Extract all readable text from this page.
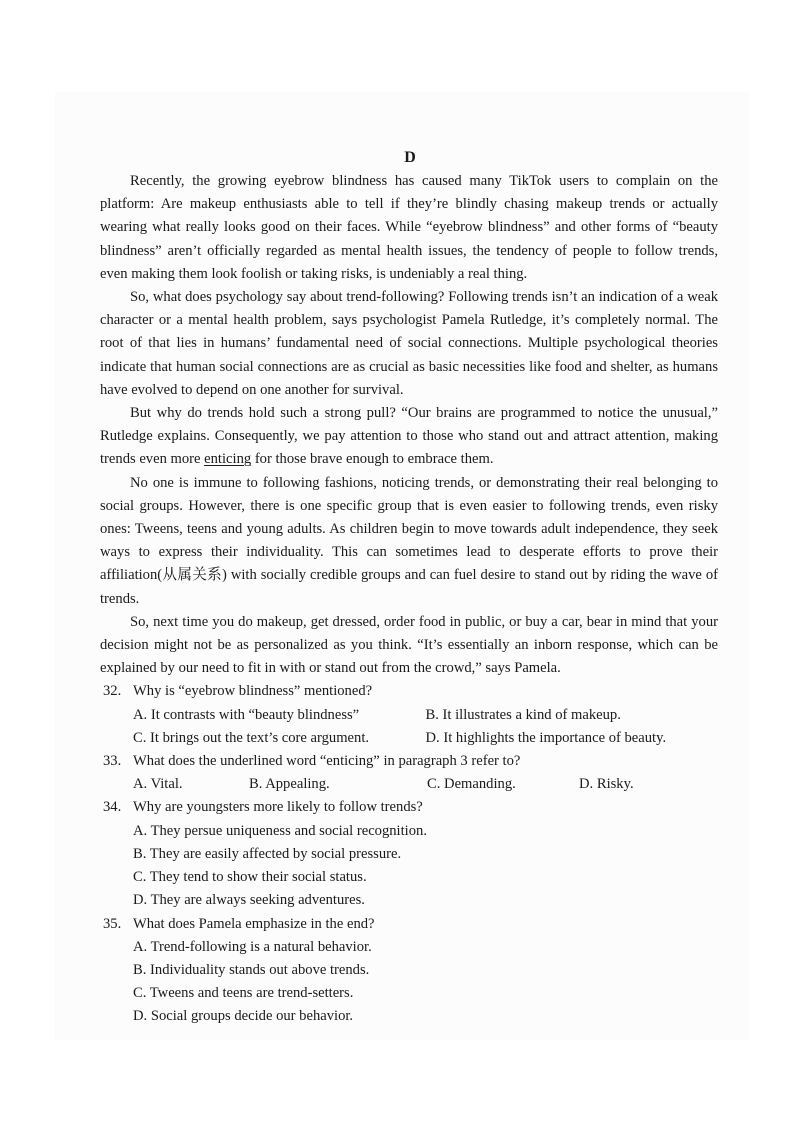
D

Recently, the growing eyebrow blindness has caused many TikTok users to complain on the platform: Are makeup enthusiasts able to tell if they’re blindly chasing makeup trends or actually wearing what really looks good on their faces. While “eyebrow blindness” and other forms of “beauty blindness” aren’t officially regarded as mental health issues, the tendency of people to follow trends, even making them look foolish or taking risks, is undeniably a real thing.

So, what does psychology say about trend-following? Following trends isn’t an indication of a weak character or a mental health problem, says psychologist Pamela Rutledge, it’s completely normal. The root of that lies in humans’ fundamental need of social connections. Multiple psychological theories indicate that human social connections are as crucial as basic necessities like food and shelter, as humans have evolved to depend on one another for survival.

But why do trends hold such a strong pull? “Our brains are programmed to notice the unusual,” Rutledge explains. Consequently, we pay attention to those who stand out and attract attention, making trends even more enticing for those brave enough to embrace them.

No one is immune to following fashions, noticing trends, or demonstrating their real belonging to social groups. However, there is one specific group that is even easier to following trends, even risky ones: Tweens, teens and young adults. As children begin to move towards adult independence, they seek ways to express their individuality. This can sometimes lead to desperate efforts to prove their affiliation(从属关系) with socially credible groups and can fuel desire to stand out by riding the wave of trends.

So, next time you do makeup, get dressed, order food in public, or buy a car, bear in mind that your decision might not be as personalized as you think. “It’s essentially an inborn response, which can be explained by our need to fit in with or stand out from the crowd,” says Pamela.

32. Why is “eyebrow blindness” mentioned?
A. It contrasts with “beauty blindness”	B. It illustrates a kind of makeup.
C. It brings out the text’s core argument.	D. It highlights the importance of beauty.
33. What does the underlined word “enticing” in paragraph 3 refer to?
A. Vital.	B. Appealing.	C. Demanding.	D. Risky.
34. Why are youngsters more likely to follow trends?
A. They persue uniqueness and social recognition.
B. They are easily affected by social pressure.
C. They tend to show their social status.
D. They are always seeking adventures.
35. What does Pamela emphasize in the end?
A. Trend-following is a natural behavior.
B. Individuality stands out above trends.
C. Tweens and teens are trend-setters.
D. Social groups decide our behavior.
